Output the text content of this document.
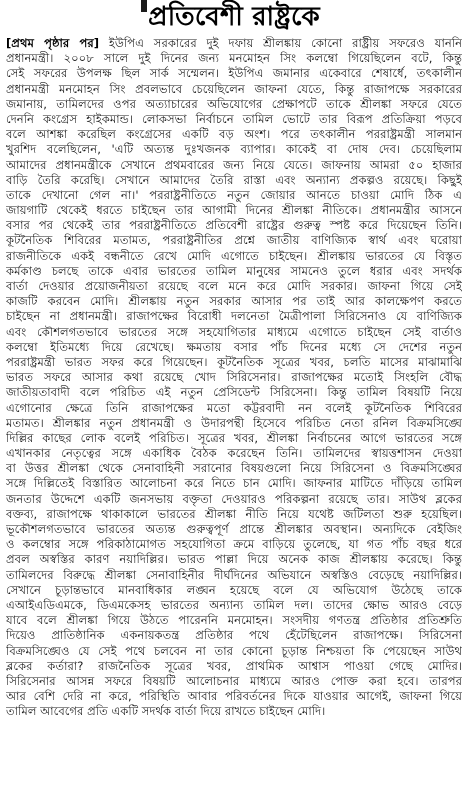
প্রতিবেশী রাষ্ট্রকে
[প্রথম পৃষ্ঠার পর] ইউপিএ সরকারের দুই দফায় শ্রীলঙ্কায় কোনো রাষ্ট্রীয় সফরেও যাননি
প্রধানমন্ত্রী। ২০০৮ সালে দুই দিনের জন্য মনমোহন সিং কলম্বো গিয়েছিলেন বটে, কিন্তু
সেই সফরের উপলক্ষ ছিল সার্ক সম্মেলন। ইউপিএ জমানার একেবারে শেষার্ধে, তৎকালীন
প্রধানমন্ত্রী মনমোহন সিং প্রবলভাবে চেয়েছিলেন জাফনা যেতে, কিন্তু রাজাপক্ষে সরকারের
জমানায়, তামিলদের ওপর অত্যাচারের অভিযোগের প্রেক্ষাপটে তাকে শ্রীলঙ্কা সফরে যেতে
দেননি কংগ্রেস হাইকমান্ড। লোকসভা নির্বাচনে তামিল ভোটে তার বিরূপ প্রতিক্রিয়া পড়বে
বলে আশঙ্কা করেছিল কংগ্রেসের একটি বড় অংশ। পরে তৎকালীন পররাষ্ট্রমন্ত্রী সালমান
খুরশিদ বলেছিলেন, 'এটি অত্যন্ত দুঃখজনক ব্যাপার। কাকেই বা দোষ দেব। চেয়েছিলাম
আমাদের প্রধানমন্ত্রীকে সেখানে প্রথমবারের জন্য নিয়ে যেতে। জাফনায় আমরা ৫০ হাজার
বাড়ি তৈরি করেছি। সেখানে আমাদের তৈরি রাস্তা এবং অন্যান্য প্রকল্পও রয়েছে। কিছুই
তাকে দেখানো গেল না।' পররাষ্ট্রনীতিতে নতুন জোয়ার আনতে চাওয়া মোদি ঠিক এ
জায়গাটি থেকেই ধরতে চাইছেন তার আগামী দিনের শ্রীলঙ্কা নীতিকে। প্রধানমন্ত্রীর আসনে
বসার পর থেকেই তার পররাষ্ট্রনীতিতে প্রতিবেশী রাষ্ট্রের গুরুত্ব স্পষ্ট করে দিয়েছেন তিনি।
কূটনৈতিক শিবিরের মতামত, পররাষ্ট্রনীতির প্রশ্নে জাতীয় বাণিজ্যিক স্বার্থ এবং ঘরোয়া
রাজনীতিকে একই বন্ধনীতে রেখে মোদি এগোতে চাইছেন। শ্রীলঙ্কায় ভারতের যে বিস্তৃত
কর্মকাণ্ড চলছে তাকে এবার ভারতের তামিল মানুষের সামনেও তুলে ধরার এবং সদর্থক
বার্তা দেওয়ার প্রয়োজনীয়তা রয়েছে বলে মনে করে মোদি সরকার। জাফনা গিয়ে সেই
কাজটি করবেন মোদি। শ্রীলঙ্কায় নতুন সরকার আসার পর তাই আর কালক্ষেপণ করতে
চাইছেন না প্রধানমন্ত্রী। রাজাপক্ষের বিরোধী দলনেতা মৈত্রীপালা সিরিসেনাও যে বাণিজ্যিক
এবং কৌশলগতভাবে ভারতের সঙ্গে সহযোগিতার মাধ্যমে এগোতে চাইছেন সেই বার্তাও
কলম্বো ইতিমধ্যে দিয়ে রেখেছে। ক্ষমতায় বসার পাঁচ দিনের মধ্যে সে দেশের নতুন
পররাষ্ট্রমন্ত্রী ভারত সফর করে গিয়েছেন। কূটনৈতিক সূত্রের খবর, চলতি মাসের মাঝামাঝি
ভারত সফরে আসার কথা রয়েছে খোদ সিরিসেনার। রাজাপক্ষের মতোই সিংহলি বৌদ্ধ
জাতীয়তাবাদী বলে পরিচিত এই নতুন প্রেসিডেন্ট সিরিসেনা। কিন্তু তামিল বিষয়টি নিয়ে
এগোনোর ক্ষেত্রে তিনি রাজাপক্ষের মতো কট্টরবাদী নন বলেই কূটনৈতিক শিবিরের
মতামত। শ্রীলঙ্কার নতুন প্রধানমন্ত্রী ও উদারপন্থী হিসেবে পরিচিত নেতা রনিল বিক্রমসিঙ্ঘে
দিল্লির কাছের লোক বলেই পরিচিত। সূত্রের খবর, শ্রীলঙ্কা নির্বাচনের আগে ভারতের সঙ্গে
এখানকার নেতৃত্বের সঙ্গে একাধিক বৈঠক করেছেন তিনি। তামিলদের স্বায়ত্তশাসন দেওয়া
বা উত্তর শ্রীলঙ্কা থেকে সেনাবাহিনী সরানোর বিষয়গুলো নিয়ে সিরিসেনা ও বিক্রমসিঙ্ঘের
সঙ্গে দিল্লিতেই বিস্তারিত আলোচনা করে নিতে চান মোদি। জাফনার মাটিতে দাঁড়িয়ে তামিল
জনতার উদ্দেশে একটি জনসভায় বক্তৃতা দেওয়ারও পরিকল্পনা রয়েছে তার। সাউথ ব্লকের
বক্তব্য, রাজাপক্ষে থাকাকালে ভারতের শ্রীলঙ্কা নীতি নিয়ে যথেষ্ট জটিলতা শুরু হয়েছিল।
ভূকৌশলগতভাবে ভারতের অত্যন্ত গুরুত্বপূর্ণ প্রান্তে শ্রীলঙ্কার অবস্থান। অন্যদিকে বেইজিং
ও কলম্বোর সঙ্গে পরিকাঠামোগত সহযোগিতা ক্রমে বাড়িয়ে তুলেছে, যা গত পাঁচ বছর ধরে
প্রবল অস্বস্তির কারণ নয়াদিল্লির। ভারত পাল্লা দিয়ে অনেক কাজ শ্রীলঙ্কায় করেছে। কিন্তু
তামিলদের বিরুদ্ধে শ্রীলঙ্কা সেনাবাহিনীর দীর্ঘদিনের অভিযানে অস্বস্তিও বেড়েছে নয়াদিল্লির।
সেখানে চূড়ান্তভাবে মানবাধিকার লঙ্ঘন হয়েছে বলে যে অভিযোগ উঠেছে তাকে
এআইএডিএমকে, ডিএমকেসহ ভারতের অন্যান্য তামিল দল। তাদের ক্ষোভ আরও বেড়ে
যাবে বলে শ্রীলঙ্কা গিয়ে উঠতে পারেননি মনমোহন। সংসদীয় গণতন্ত্র প্রতিষ্ঠার প্রতিশ্রুতি
দিয়েও প্রাতিষ্ঠানিক একনায়কতন্ত্র প্রতিষ্ঠার পথে হেঁটেছিলেন রাজাপক্ষে। সিরিসেনা
বিক্রমসিঙ্ঘেও যে সেই পথে চলবেন না তার কোনো চূড়ান্ত নিশ্চয়তা কি পেয়েছেন সাউথ
ব্লকের কর্তারা? রাজনৈতিক সূত্রের খবর, প্রাথমিক আশ্বাস পাওয়া গেছে মোদির।
সিরিসেনার আসন্ন সফরে বিষয়টি আলোচনার মাধ্যমে আরও পোক্ত করা হবে। তারপর
আর বেশি দেরি না করে, পরিস্থিতি আবার পরিবর্তনের দিকে যাওয়ার আগেই, জাফনা গিয়ে
তামিল আবেগের প্রতি একটি সদর্থক বার্তা দিয়ে রাখতে চাইছেন মোদি।
